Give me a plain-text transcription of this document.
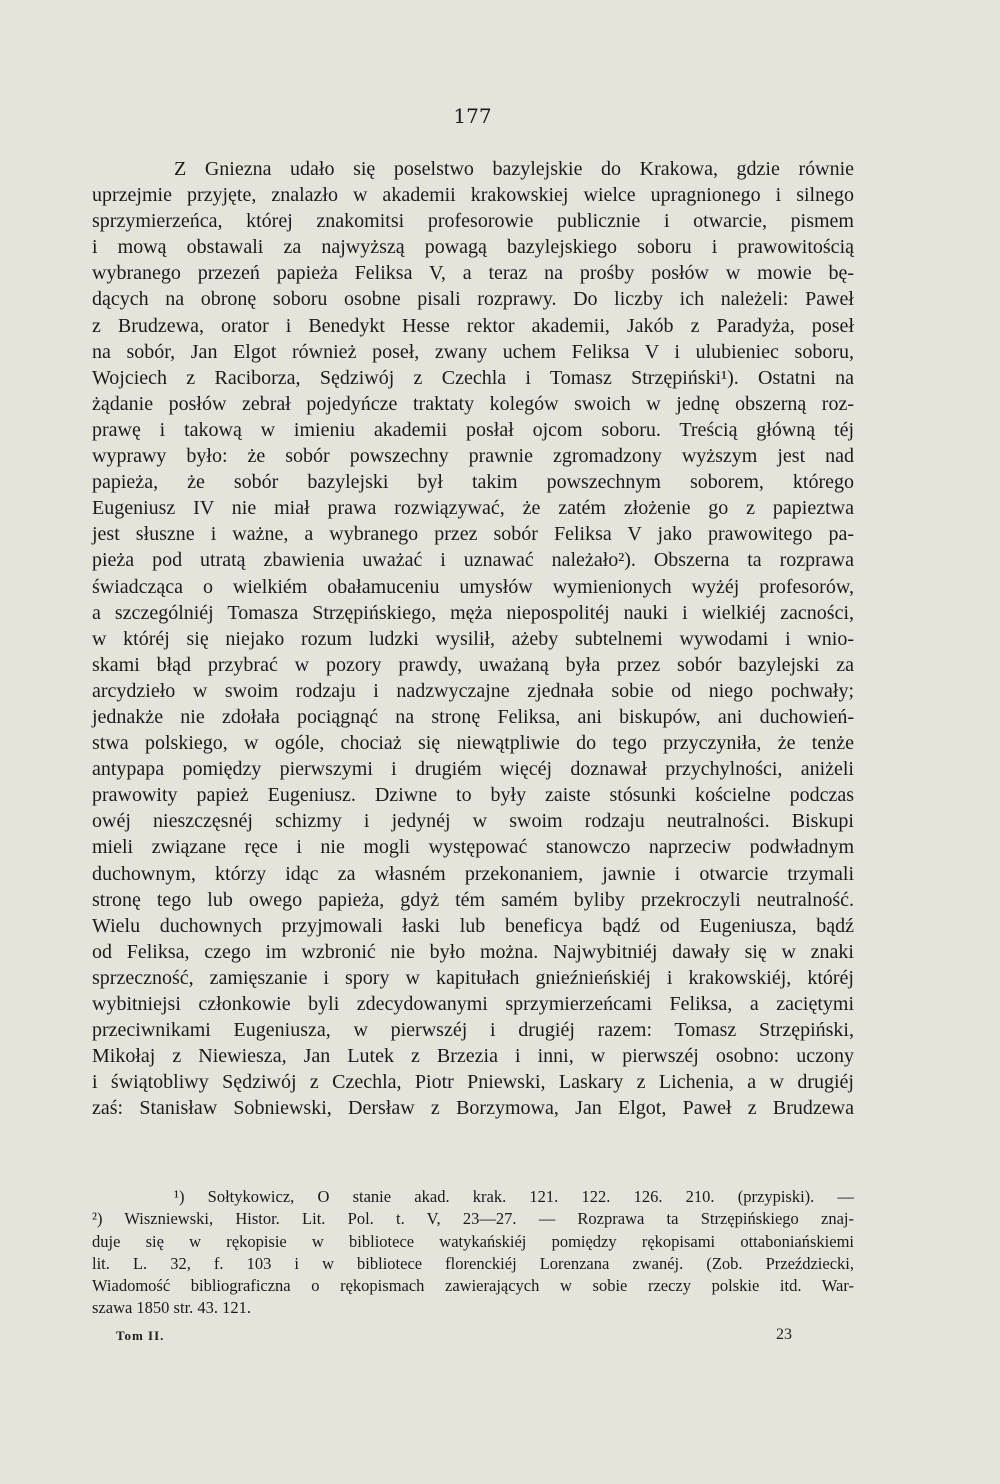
177
Z Gniezna udało się poselstwo bazylejskie do Krakowa, gdzie równie
uprzejmie przyjęte, znalazło w akademii krakowskiej wielce upragnionego i silnego
sprzymierzeńca, której znakomitsi profesorowie publicznie i otwarcie, pismem
i mową obstawali za najwyższą powagą bazylejskiego soboru i prawowitością
wybranego przezeń papieża Feliksa V, a teraz na prośby posłów w mowie bę-
dących na obronę soboru osobne pisali rozprawy. Do liczby ich należeli: Paweł
z Brudzewa, orator i Benedykt Hesse rektor akademii, Jakób z Paradyża, poseł
na sobór, Jan Elgot również poseł, zwany uchem Feliksa V i ulubieniec soboru,
Wojciech z Raciborza, Sędziwój z Czechla i Tomasz Strzępiński¹). Ostatni na
żądanie posłów zebrał pojedyńcze traktaty kolegów swoich w jednę obszerną roz-
prawę i takową w imieniu akademii posłał ojcom soboru. Treścią główną téj
wyprawy było: że sobór powszechny prawnie zgromadzony wyższym jest nad
papieża, że sobór bazylejski był takim powszechnym soborem, którego
Eugeniusz IV nie miał prawa rozwiązywać, że zatém złożenie go z papieztwa
jest słuszne i ważne, a wybranego przez sobór Feliksa V jako prawowitego pa-
pieża pod utratą zbawienia uważać i uznawać należało²). Obszerna ta rozprawa
świadcząca o wielkiém obałamuceniu umysłów wymienionych wyżéj profesorów,
a szczególniéj Tomasza Strzępińskiego, męża niepospolitéj nauki i wielkiéj zacności,
w któréj się niejako rozum ludzki wysilił, ażeby subtelnemi wywodami i wnio-
skami błąd przybrać w pozory prawdy, uważaną była przez sobór bazylejski za
arcydzieło w swoim rodzaju i nadzwyczajne zjednała sobie od niego pochwały;
jednakże nie zdołała pociągnąć na stronę Feliksa, ani biskupów, ani duchowień-
stwa polskiego, w ogóle, chociaż się niewątpliwie do tego przyczyniła, że tenże
antypapa pomiędzy pierwszymi i drugiém więcéj doznawał przychylności, aniżeli
prawowity papież Eugeniusz. Dziwne to były zaiste stósunki kościelne podczas
owéj nieszczęsnéj schizmy i jedynéj w swoim rodzaju neutralności. Biskupi
mieli związane ręce i nie mogli występować stanowczo naprzeciw podwładnym
duchownym, którzy idąc za własném przekonaniem, jawnie i otwarcie trzymali
stronę tego lub owego papieża, gdyż tém samém byliby przekroczyli neutralność.
Wielu duchownych przyjmowali łaski lub beneficya bądź od Eugeniusza, bądź
od Feliksa, czego im wzbronić nie było można. Najwybitniéj dawały się w znaki
sprzeczność, zamięszanie i spory w kapitułach gnieźnieńskiéj i krakowskiéj, któréj
wybitniejsi członkowie byli zdecydowanymi sprzymierzeńcami Feliksa, a zaciętymi
przeciwnikami Eugeniusza, w pierwszéj i drugiéj razem: Tomasz Strzępiński,
Mikołaj z Niewiesza, Jan Lutek z Brzezia i inni, w pierwszéj osobno: uczony
i świątobliwy Sędziwój z Czechla, Piotr Pniewski, Laskary z Lichenia, a w drugiéj
zaś: Stanisław Sobniewski, Dersław z Borzymowa, Jan Elgot, Paweł z Brudzewa
¹) Sołtykowicz, O stanie akad. krak. 121. 122. 126. 210. (przypiski). —
²) Wiszniewski, Histor. Lit. Pol. t. V, 23—27. — Rozprawa ta Strzępińskiego znaj-
duje się w rękopisie w bibliotece watykańskiéj pomiędzy rękopisami ottaboniańskiemi
lit. L. 32, f. 103 i w bibliotece florenckiéj Lorenzana zwanéj. (Zob. Przeździecki,
Wiadomość bibliograficzna o rękopismach zawierających w sobie rzeczy polskie itd. War-
szawa 1850 str. 43. 121.
Tom II.	23
